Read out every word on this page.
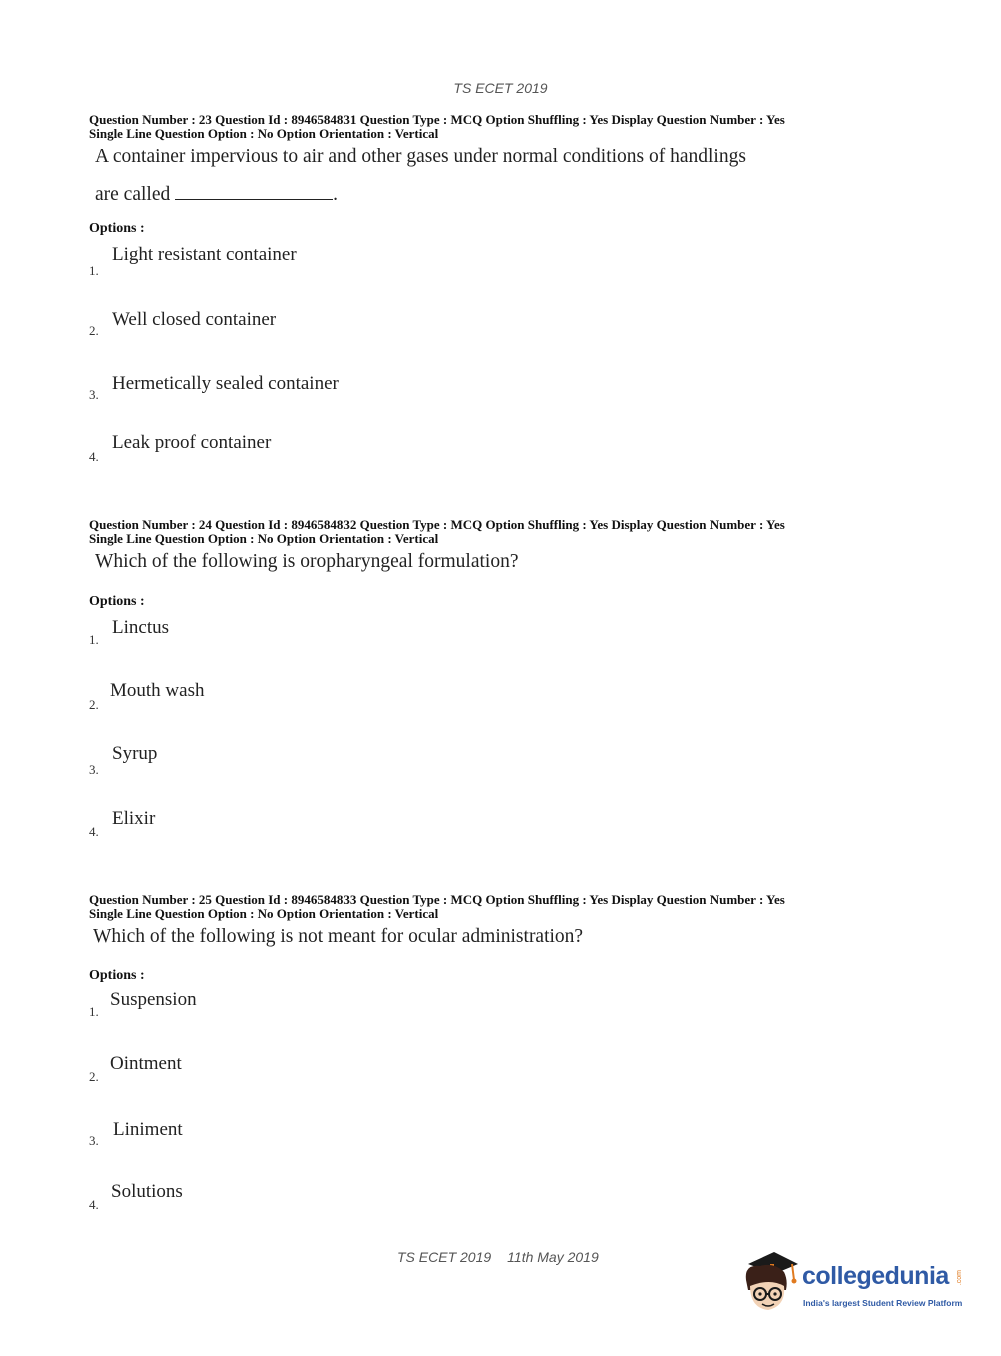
TS ECET 2019
Question Number : 23 Question Id : 8946584831 Question Type : MCQ Option Shuffling : Yes Display Question Number : Yes
Single Line Question Option : No Option Orientation : Vertical
A container impervious to air and other gases under normal conditions of handlings
are called	.
Options :
1.
Light resistant container
2.
Well closed container
3.
Hermetically sealed container
4.
Leak proof container
Question Number : 24 Question Id : 8946584832 Question Type : MCQ Option Shuffling : Yes Display Question Number : Yes
Single Line Question Option : No Option Orientation : Vertical
Which of the following is oropharyngeal formulation?
Options :
1.
Linctus
2.
Mouth wash
3.
Syrup
4.
Elixir
Question Number : 25 Question Id : 8946584833 Question Type : MCQ Option Shuffling : Yes Display Question Number : Yes
Single Line Question Option : No Option Orientation : Vertical
Which of the following is not meant for ocular administration?
Options :
1.
Suspension
2.
Ointment
3.
Liniment
4.
Solutions
TS ECET 2019 11th May 2019
collegedunia .com
India's largest Student Review Platform
